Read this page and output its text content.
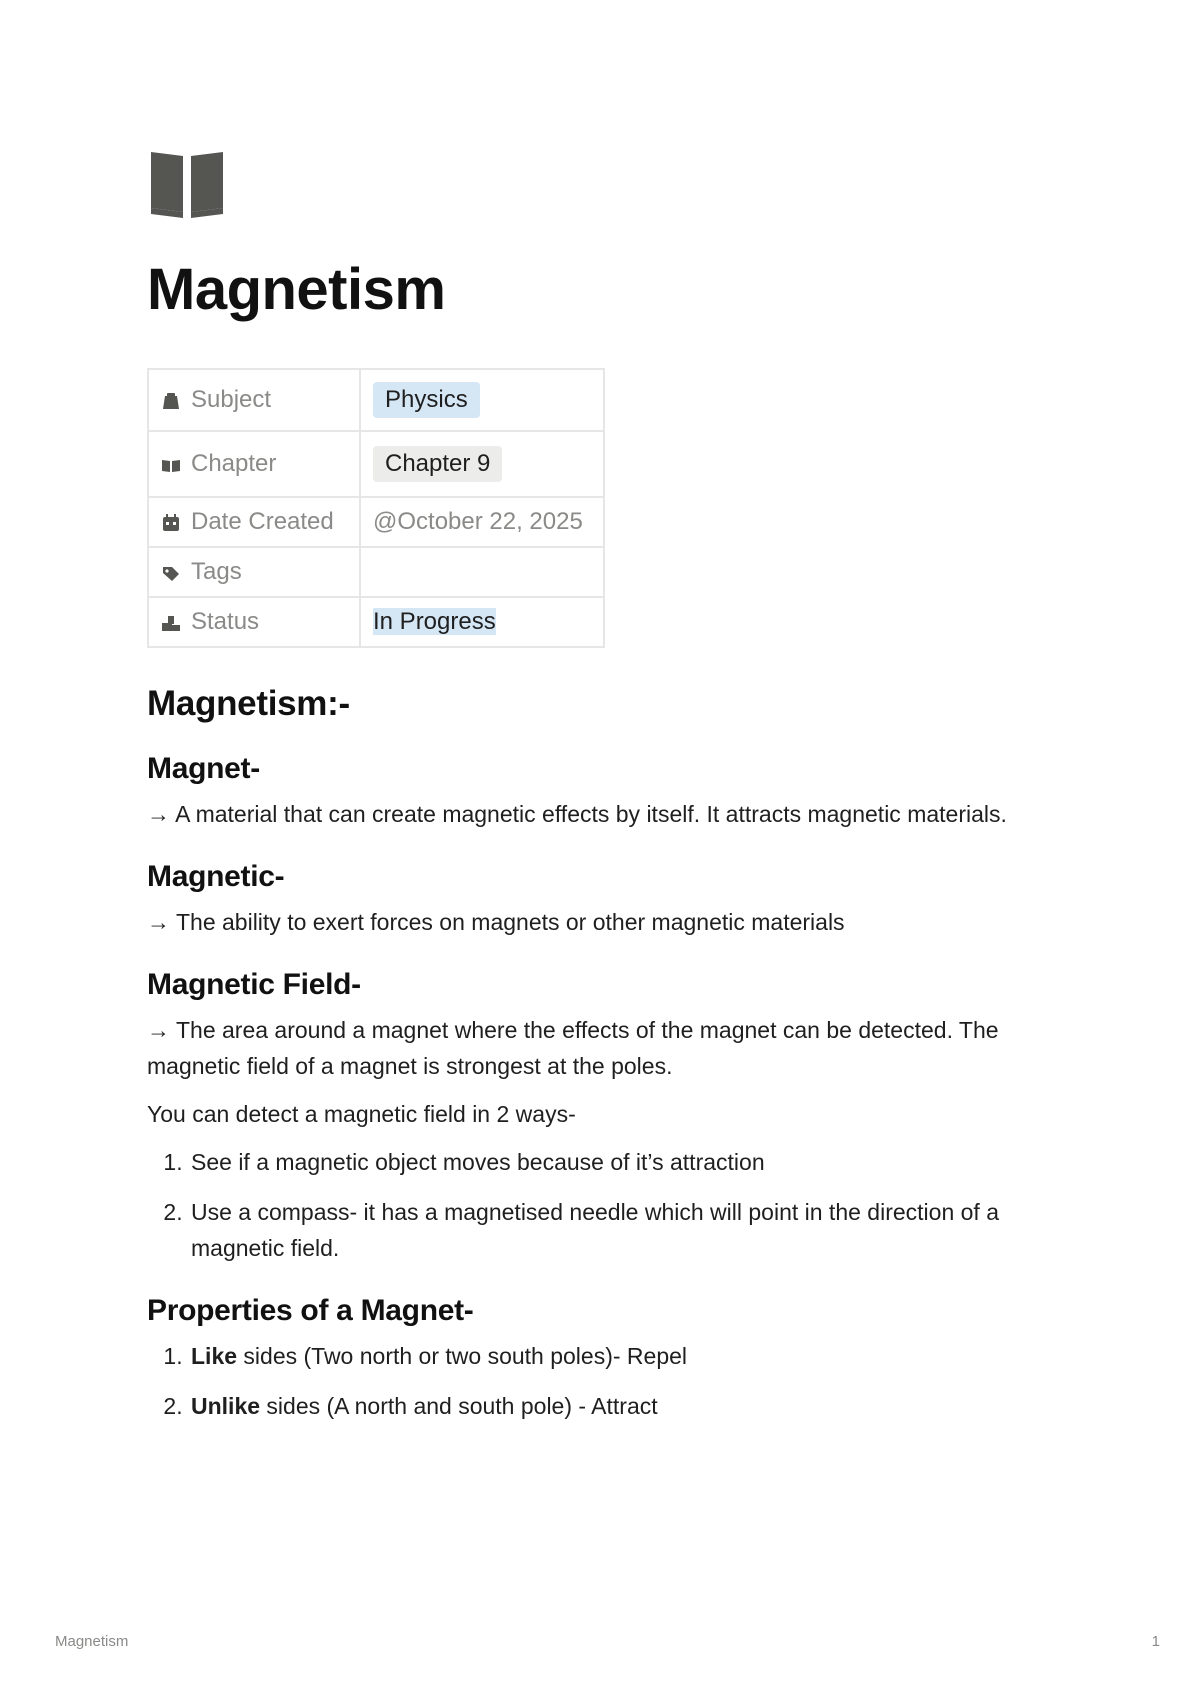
Magnetism
Subject	Physics
Chapter	Chapter 9
Date Created	@October 22, 2025
Tags	
Status	In Progress
Magnetism:-
Magnet-

→ A material that can create magnetic effects by itself. It attracts magnetic materials.

Magnetic-

→ The ability to exert forces on magnets or other magnetic materials

Magnetic Field-

→ The area around a magnet where the effects of the magnet can be detected. The magnetic field of a magnet is strongest at the poles.

You can detect a magnetic field in 2 ways-

1. See if a magnetic object moves because of it’s attraction
2. Use a compass- it has a magnetised needle which will point in the direction of a magnetic field.
Properties of a Magnet-
1. Like sides (Two north or two south poles)- Repel
2. Unlike sides (A north and south pole) - Attract
Magnetism	1
